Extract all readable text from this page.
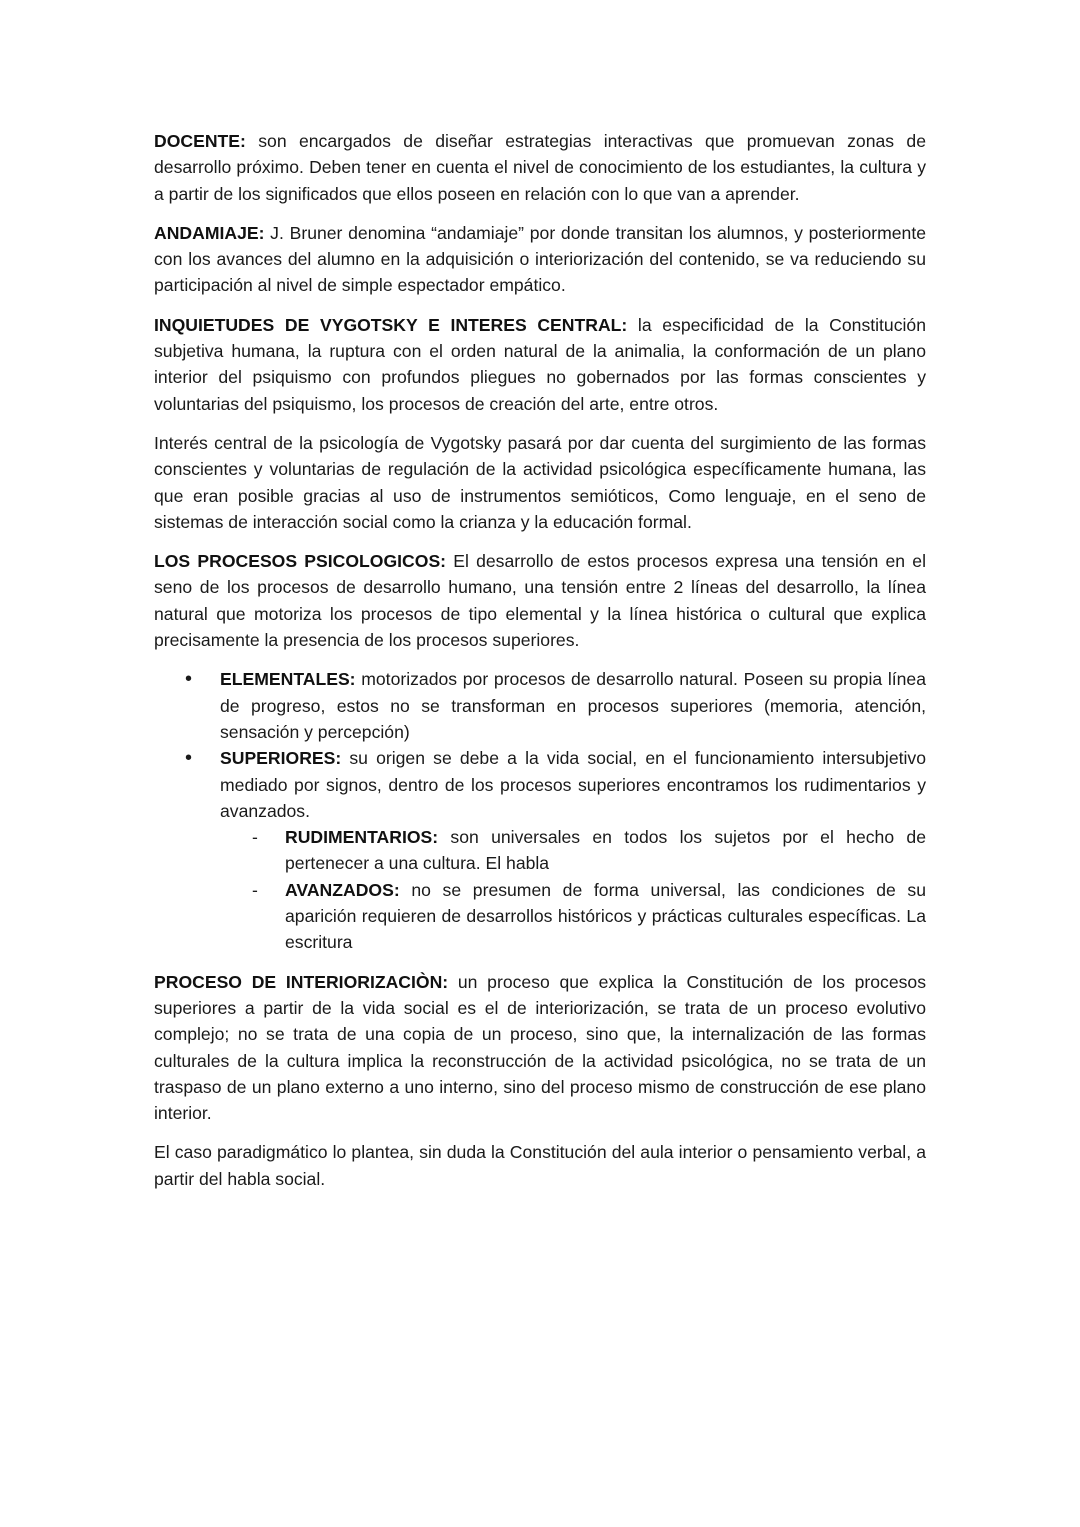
DOCENTE: son encargados de diseñar estrategias interactivas que promuevan zonas de desarrollo próximo. Deben tener en cuenta el nivel de conocimiento de los estudiantes, la cultura y a partir de los significados que ellos poseen en relación con lo que van a aprender.

ANDAMIAJE: J. Bruner denomina “andamiaje” por donde transitan los alumnos, y posteriormente con los avances del alumno en la adquisición o interiorización del contenido, se va reduciendo su participación al nivel de simple espectador empático.

INQUIETUDES DE VYGOTSKY E INTERES CENTRAL: la especificidad de la Constitución subjetiva humana, la ruptura con el orden natural de la animalia, la conformación de un plano interior del psiquismo con profundos pliegues no gobernados por las formas conscientes y voluntarias del psiquismo, los procesos de creación del arte, entre otros.

Interés central de la psicología de Vygotsky pasará por dar cuenta del surgimiento de las formas conscientes y voluntarias de regulación de la actividad psicológica específicamente humana, las que eran posible gracias al uso de instrumentos semióticos, Como lenguaje, en el seno de sistemas de interacción social como la crianza y la educación formal.

LOS PROCESOS PSICOLOGICOS: El desarrollo de estos procesos expresa una tensión en el seno de los procesos de desarrollo humano, una tensión entre 2 líneas del desarrollo, la línea natural que motoriza los procesos de tipo elemental y la línea histórica o cultural que explica precisamente la presencia de los procesos superiores.

• ELEMENTALES: motorizados por procesos de desarrollo natural. Poseen su propia línea de progreso, estos no se transforman en procesos superiores (memoria, atención, sensación y percepción)
• SUPERIORES: su origen se debe a la vida social, en el funcionamiento intersubjetivo mediado por signos, dentro de los procesos superiores encontramos los rudimentarios y avanzados.
- RUDIMENTARIOS: son universales en todos los sujetos por el hecho de pertenecer a una cultura. El habla
- AVANZADOS: no se presumen de forma universal, las condiciones de su aparición requieren de desarrollos históricos y prácticas culturales específicas. La escritura

PROCESO DE INTERIORIZACIÒN: un proceso que explica la Constitución de los procesos superiores a partir de la vida social es el de interiorización, se trata de un proceso evolutivo complejo; no se trata de una copia de un proceso, sino que, la internalización de las formas culturales de la cultura implica la reconstrucción de la actividad psicológica, no se trata de un traspaso de un plano externo a uno interno, sino del proceso mismo de construcción de ese plano interior.

El caso paradigmático lo plantea, sin duda la Constitución del aula interior o pensamiento verbal, a partir del habla social.
